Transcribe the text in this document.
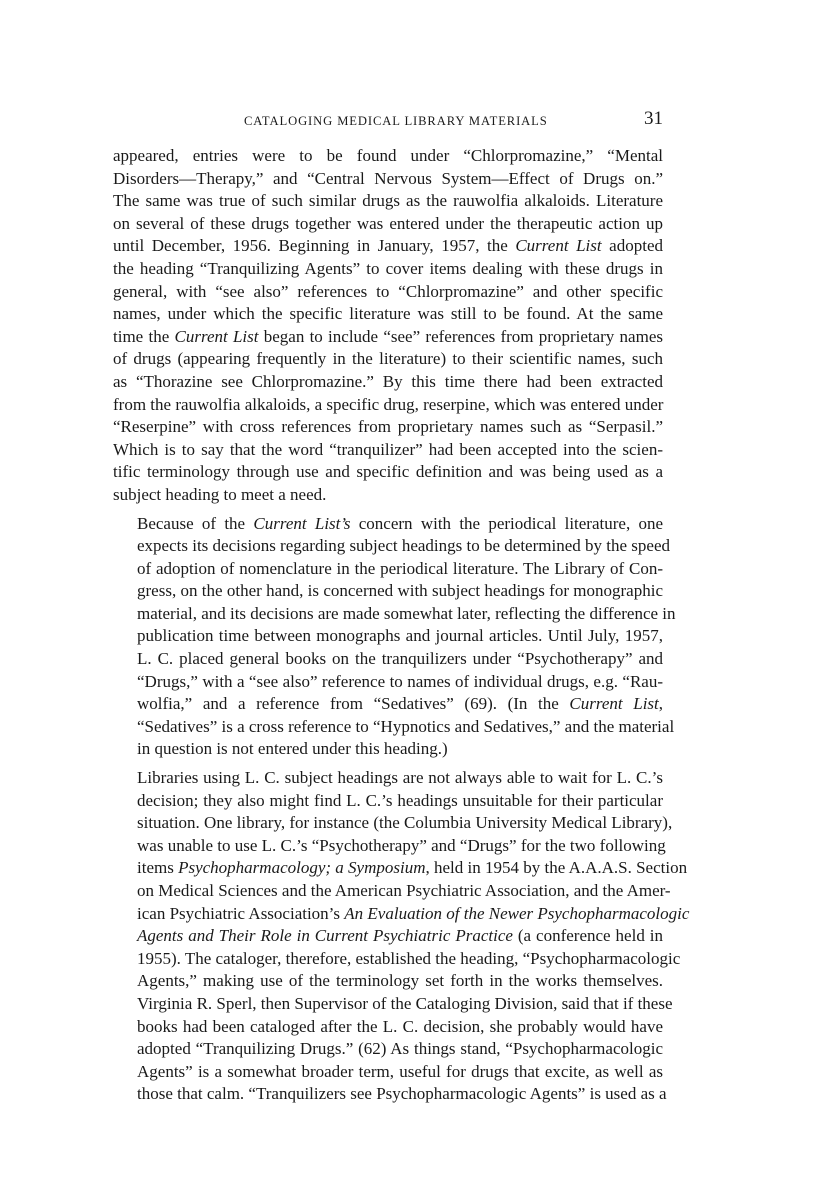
CATALOGING MEDICAL LIBRARY MATERIALS	31

appeared, entries were to be found under “Chlorpromazine,” “Mental
Disorders—Therapy,” and “Central Nervous System—Effect of Drugs on.”
The same was true of such similar drugs as the rauwolfia alkaloids. Literature
on several of these drugs together was entered under the therapeutic action up
until December, 1956. Beginning in January, 1957, the Current List adopted
the heading “Tranquilizing Agents” to cover items dealing with these drugs in
general, with “see also” references to “Chlorpromazine” and other specific
names, under which the specific literature was still to be found. At the same
time the Current List began to include “see” references from proprietary names
of drugs (appearing frequently in the literature) to their scientific names, such
as “Thorazine see Chlorpromazine.” By this time there had been extracted
from the rauwolfia alkaloids, a specific drug, reserpine, which was entered under
“Reserpine” with cross references from proprietary names such as “Serpasil.”
Which is to say that the word “tranquilizer” had been accepted into the scien-
tific terminology through use and specific definition and was being used as a
subject heading to meet a need.

Because of the Current List’s concern with the periodical literature, one
expects its decisions regarding subject headings to be determined by the speed
of adoption of nomenclature in the periodical literature. The Library of Con-
gress, on the other hand, is concerned with subject headings for monographic
material, and its decisions are made somewhat later, reflecting the difference in
publication time between monographs and journal articles. Until July, 1957,
L. C. placed general books on the tranquilizers under “Psychotherapy” and
“Drugs,” with a “see also” reference to names of individual drugs, e.g. “Rau-
wolfia,” and a reference from “Sedatives” (69). (In the Current List,
“Sedatives” is a cross reference to “Hypnotics and Sedatives,” and the material
in question is not entered under this heading.)

Libraries using L. C. subject headings are not always able to wait for L. C.’s
decision; they also might find L. C.’s headings unsuitable for their particular
situation. One library, for instance (the Columbia University Medical Library),
was unable to use L. C.’s “Psychotherapy” and “Drugs” for the two following
items Psychopharmacology; a Symposium, held in 1954 by the A.A.A.S. Section
on Medical Sciences and the American Psychiatric Association, and the Amer-
ican Psychiatric Association’s An Evaluation of the Newer Psychopharmacologic
Agents and Their Role in Current Psychiatric Practice (a conference held in
1955). The cataloger, therefore, established the heading, “Psychopharmacologic
Agents,” making use of the terminology set forth in the works themselves.
Virginia R. Sperl, then Supervisor of the Cataloging Division, said that if these
books had been cataloged after the L. C. decision, she probably would have
adopted “Tranquilizing Drugs.” (62) As things stand, “Psychopharmacologic
Agents” is a somewhat broader term, useful for drugs that excite, as well as
those that calm. “Tranquilizers see Psychopharmacologic Agents” is used as a
